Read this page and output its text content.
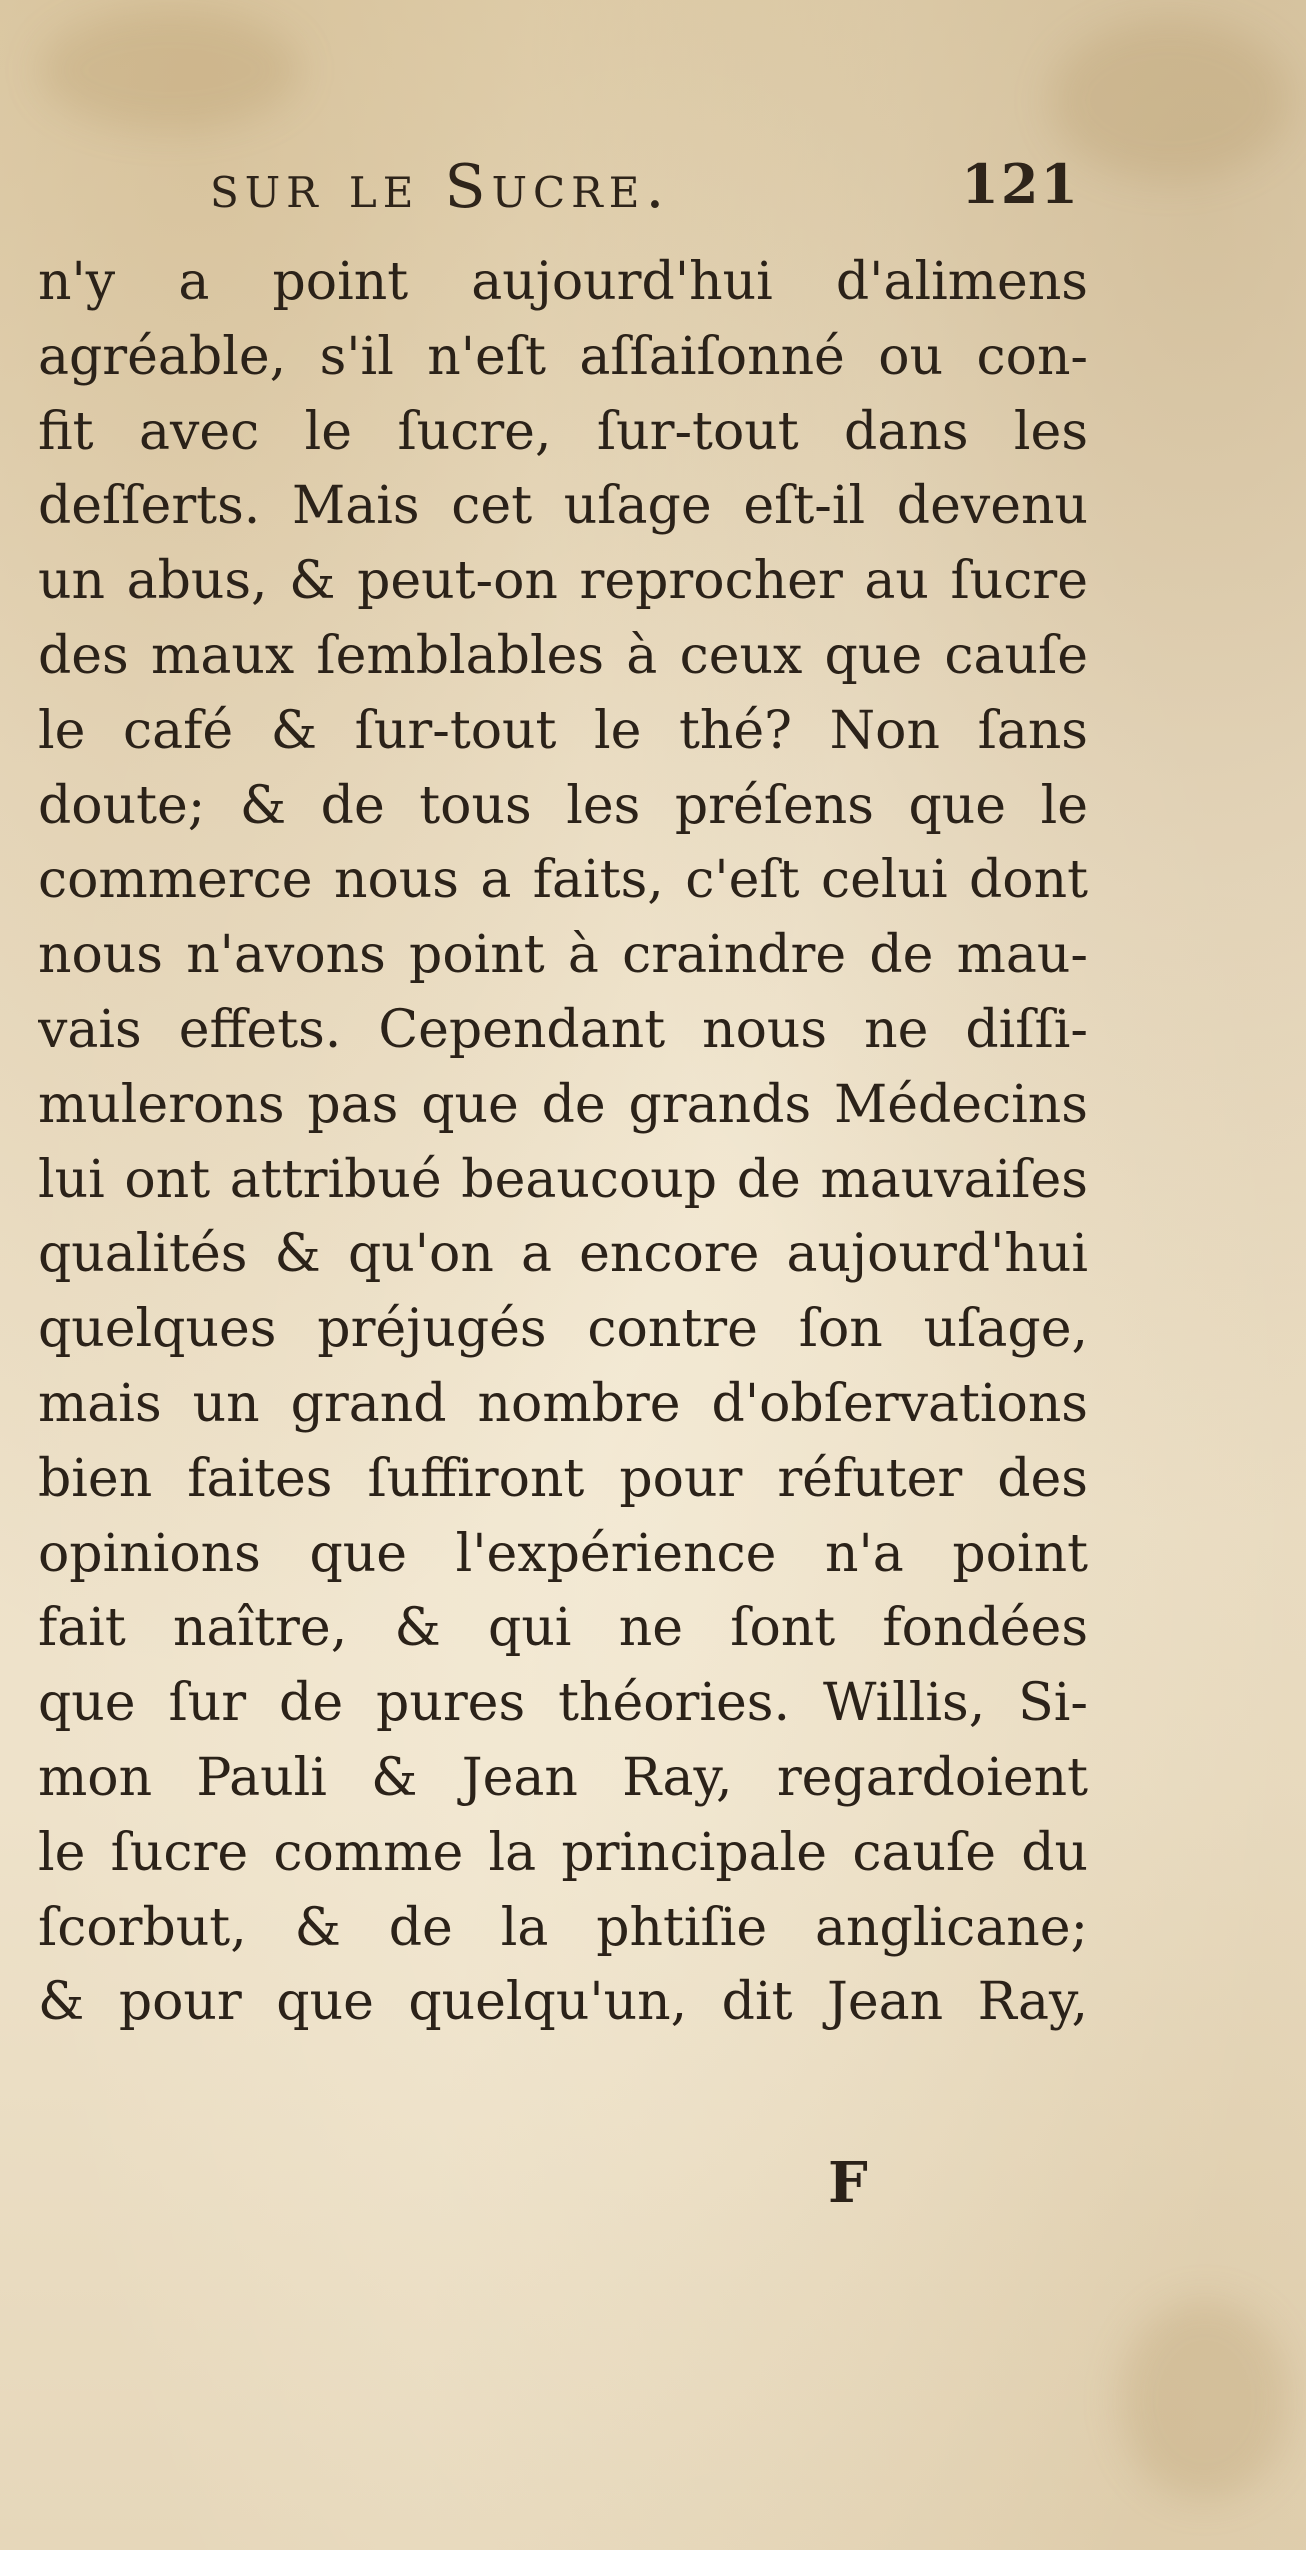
sur le Sucre.	121
n'y a point aujourd'hui d'alimens
agréable, s'il n'eſt aſſaiſonné ou con-
fit avec le ſucre, ſur-tout dans les
deſſerts. Mais cet uſage eſt-il devenu
un abus, & peut-on reprocher au ſucre
des maux ſemblables à ceux que cauſe
le café & ſur-tout le thé? Non ſans
doute; & de tous les préſens que le
commerce nous a faits, c'eſt celui dont
nous n'avons point à craindre de mau-
vais effets. Cependant nous ne diſſi-
mulerons pas que de grands Médecins
lui ont attribué beaucoup de mauvaiſes
qualités & qu'on a encore aujourd'hui
quelques préjugés contre ſon uſage,
mais un grand nombre d'obſervations
bien faites ſuffiront pour réfuter des
opinions que l'expérience n'a point
fait naître, & qui ne ſont fondées
que ſur de pures théories. Willis, Si-
mon Pauli & Jean Ray, regardoient
le ſucre comme la principale cauſe du
ſcorbut, & de la phtiſie anglicane;
& pour que quelqu'un, dit Jean Ray,
F
